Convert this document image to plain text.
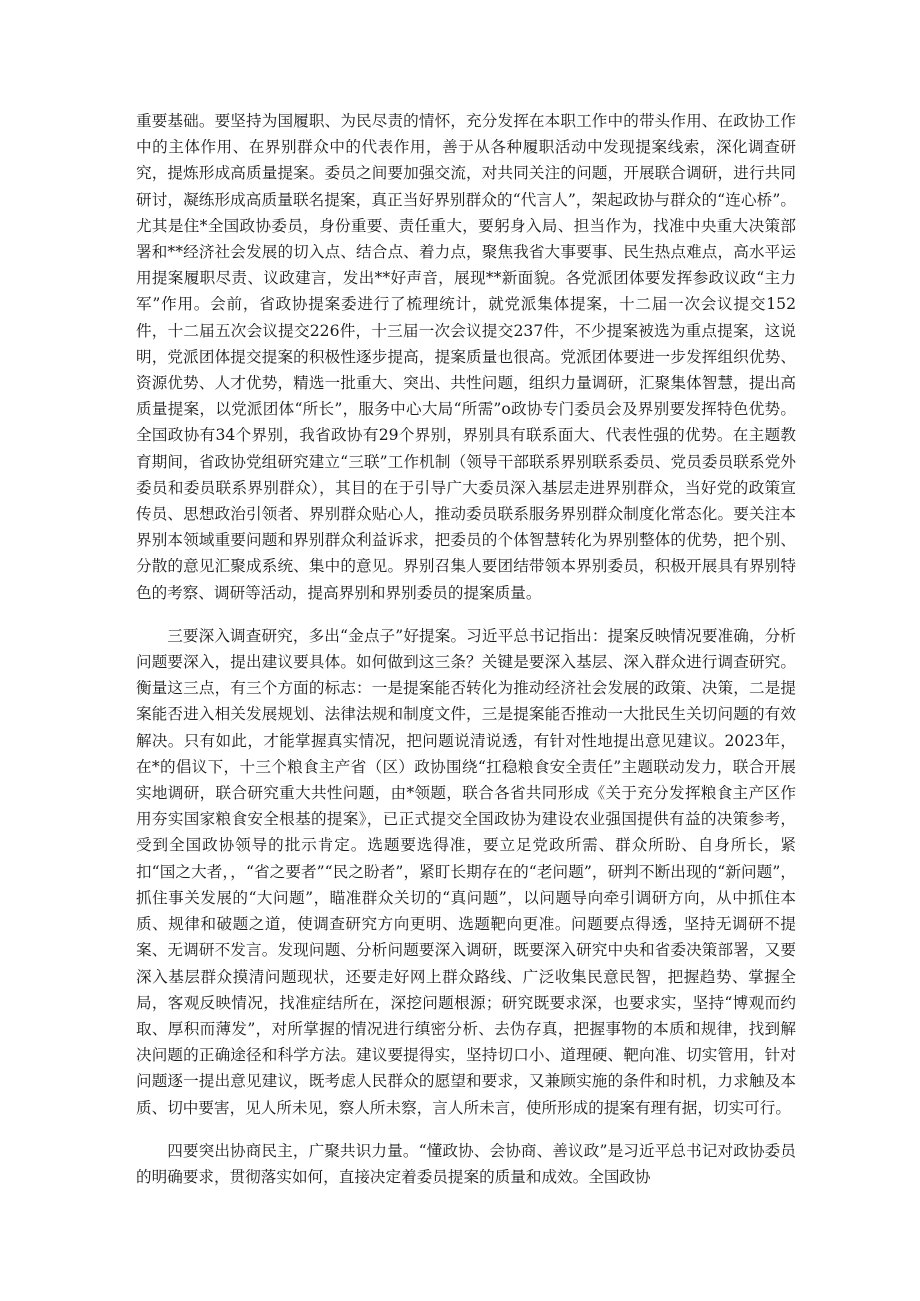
重要基础。要坚持为国履职、为民尽责的情怀，充分发挥在本职工作中的带头作用、在政协工作中的主体作用、在界别群众中的代表作用，善于从各种履职活动中发现提案线索，深化调查研究，提炼形成高质量提案。委员之间要加强交流，对共同关注的问题，开展联合调研，进行共同研讨，凝练形成高质量联名提案，真正当好界别群众的“代言人”，架起政协与群众的“连心桥”。尤其是住*全国政协委员，身份重要、责任重大，要躬身入局、担当作为，找准中央重大决策部署和**经济社会发展的切入点、结合点、着力点，聚焦我省大事要事、民生热点难点，高水平运用提案履职尽责、议政建言，发出**好声音，展现**新面貌。各党派团体要发挥参政议政“主力军”作用。会前，省政协提案委进行了梳理统计，就党派集体提案，十二届一次会议提交152件，十二届五次会议提交226件，十三届一次会议提交237件，不少提案被选为重点提案，这说明，党派团体提交提案的积极性逐步提高，提案质量也很高。党派团体要进一步发挥组织优势、资源优势、人才优势，精选一批重大、突出、共性问题，组织力量调研，汇聚集体智慧，提出高质量提案，以党派团体“所长”，服务中心大局“所需”o政协专门委员会及界别要发挥特色优势。全国政协有34个界别，我省政协有29个界别，界别具有联系面大、代表性强的优势。在主题教育期间，省政协党组研究建立“三联”工作机制（领导干部联系界别联系委员、党员委员联系党外委员和委员联系界别群众），其目的在于引导广大委员深入基层走进界别群众，当好党的政策宣传员、思想政治引领者、界别群众贴心人，推动委员联系服务界别群众制度化常态化。要关注本界别本领域重要问题和界别群众利益诉求，把委员的个体智慧转化为界别整体的优势，把个别、分散的意见汇聚成系统、集中的意见。界别召集人要团结带领本界别委员，积极开展具有界别特色的考察、调研等活动，提高界别和界别委员的提案质量。

三要深入调查研究，多出“金点子”好提案。习近平总书记指出：提案反映情况要准确，分析问题要深入，提出建议要具体。如何做到这三条？关键是要深入基层、深入群众进行调查研究。衡量这三点，有三个方面的标志：一是提案能否转化为推动经济社会发展的政策、决策，二是提案能否进入相关发展规划、法律法规和制度文件，三是提案能否推动一大批民生关切问题的有效解决。只有如此，才能掌握真实情况，把问题说清说透，有针对性地提出意见建议。2023年，在*的倡议下，十三个粮食主产省（区）政协围绕“扛稳粮食安全责任”主题联动发力，联合开展实地调研，联合研究重大共性问题，由*领题，联合各省共同形成《关于充分发挥粮食主产区作用夯实国家粮食安全根基的提案》，已正式提交全国政协为建设农业强国提供有益的决策参考，受到全国政协领导的批示肯定。选题要选得准，要立足党政所需、群众所盼、自身所长，紧扣“国之大者，，“省之要者”“民之盼者”，紧盯长期存在的“老问题”，研判不断出现的“新问题”，抓住事关发展的“大问题”，瞄准群众关切的“真问题”，以问题导向牵引调研方向，从中抓住本质、规律和破题之道，使调查研究方向更明、选题靶向更准。问题要点得透，坚持无调研不提案、无调研不发言。发现问题、分析问题要深入调研，既要深入研究中央和省委决策部署，又要深入基层群众摸清问题现状，还要走好网上群众路线、广泛收集民意民智，把握趋势、掌握全局，客观反映情况，找准症结所在，深挖问题根源；研究既要求深，也要求实，坚持“博观而约取、厚积而薄发”，对所掌握的情况进行缜密分析、去伪存真，把握事物的本质和规律，找到解决问题的正确途径和科学方法。建议要提得实，坚持切口小、道理硬、靶向准、切实管用，针对问题逐一提出意见建议，既考虑人民群众的愿望和要求，又兼顾实施的条件和时机，力求触及本质、切中要害，见人所未见，察人所未察，言人所未言，使所形成的提案有理有据，切实可行。

四要突出协商民主，广聚共识力量。“懂政协、会协商、善议政”是习近平总书记对政协委员的明确要求，贯彻落实如何，直接决定着委员提案的质量和成效。全国政协
